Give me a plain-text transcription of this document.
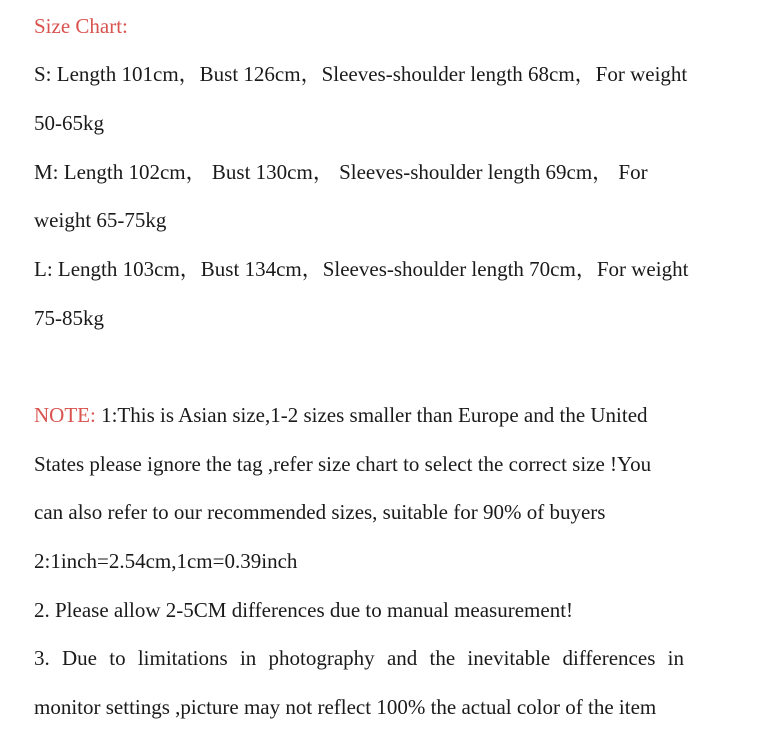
Size Chart:
S: Length 101cm，Bust 126cm，Sleeves-shoulder length 68cm，For weight
50-65kg
M: Length 102cm， Bust 130cm， Sleeves-shoulder length 69cm， For
weight 65-75kg
L: Length 103cm，Bust 134cm，Sleeves-shoulder length 70cm，For weight
75-85kg
NOTE: 1:This is Asian size,1-2 sizes smaller than Europe and the United
States please ignore the tag ,refer size chart to select the correct size !You
can also refer to our recommended sizes, suitable for 90% of buyers
2:1inch=2.54cm,1cm=0.39inch
2. Please allow 2-5CM differences due to manual measurement!
3. Due to limitations in photography and the inevitable differences in
monitor settings ,picture may not reflect 100% the actual color of the item
